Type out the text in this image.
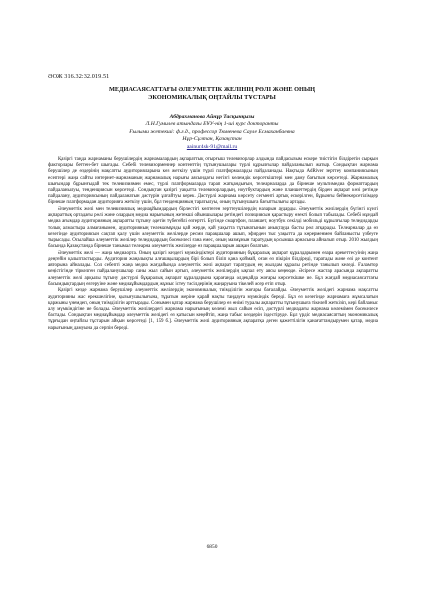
ӘОЖ 316.32:32.019.51
МЕДИАСАЯСАТТАҒЫ ӘЛЕУМЕТТІК ЖЕЛІНІҢ РӨЛІ ЖӘНЕ ОНЫҢ
ЭКОНОМИКАЛЫҚ ОҢТАЙЛЫ ТҰСТАРЫ
Абдрахманова Айнұр Тасқынқызы
Л.Н.Гумилев атындағы ЕҰУ-нің 1-ші курс докторанты
Ғылыми жетекші: ф.ғ.д., профессор Тюменева Сауле Есмаханбаевна
Нұр-Сұлтан, Қазақстан
aainur4sk-91@mail.ru

Қазіргі таңда жарнаманы берушілердің жарнамалардың ақпараттық отырғыш телевизорлар алдында пайдасызым ескере тиістігін білдіретін сырқын факторлары беттен-бет шығады. Себебі телевизорменнер контенттің тұтынушылары түрлі құрылғылар пайдаланылып жатыр. Сондықтан жарнама берушілер де өздерінің мақсатты аудиторияларына көз жеткізу үшін түрлі платформаларды пайдаланады. Нақтыда AdRiver зерттеу компаниясының есептері жаңа сайты интернет-жарнаманың жарнамалық нарығы аясындағы негізгі көлемдік көрсеткіштері мен даму бағытын көрсетеді. Жарнамалық шығындар бұрынғыдай тек телевизиямен емес, түрлі платформаларда тарап жатқандығын, телеарналарда да бірнеше мультимедиа форматтардың пайдаланылуы, тенденциясын көрсетеді. Сондықтан қазіргі уақытта телевизорлардың, ноутбуктардың және планшеттердің бірден ақпарат көзі ретінде пайдалану, аудиториясының пайдаланатын дәстүрін ұлғайтуы керек. Дәстүрлі жарнама көрсету сегменті артық ескерілген, бұрынғы бейнекөрсетілімдер бірнеше платформадан аудиторияға жеткізу үшін, бұл тенденцияның таратылуы, оның тұтынушыға бағыттылығы артады.

Әлеуметтік желі мен телевизиялық медиаұйымдардың бірлестігі көптеген зерттеушілердің назарын аударды. Әлеуметтік желілердің бүгінгі күнгі ақпараттық ортадағы рөлі және олардың медиа нарығының жетекші ойыншылары ретіндегі позициясын қарастыру өзекті болып табылады. Себебі мұндай медиа ағымдар аудиторияның ақпаратты тұтыну әдетін түбегейлі өзгертті. Бүгінде смартфон, планшет, ноутбук секілді мобильді құрылғылар теледидарды толық алмастыра алмағанымен, аудиторияның телемазмұнды қай жерде, қай уақытта тұтынатынын анықтауда басты рөл атқарады. Телеарналар да өз кезегінде аудиториясын сақтап қалу үшін әлеуметтік желілерде ресми парақшалар ашып, эфирден тыс уақытта да көрерменмен байланысты үзбеуге тырысады. Осылайша әлеуметтік желілер теледидардың бәсекелесі ғана емес, оның мазмұнын таратудың қосымша арнасына айналып отыр. 2010 жылдың басында Қазақстанда бірнеше танымал телеарна әлеуметтік желілерде өз парақшаларын ашқан болатын.

Әлеуметтік желі — жаңа медиаорта. Оның қазіргі кездегі мүмкіндіктері аудиторияның бұқаралық ақпарат құралдарымен өзара әрекеттесуінің жаңа деңгейін қалыптастырды. Аудитория жаңалықты алғашқылардың бірі болып біліп қана қоймай, оған өз пікірін білдіреді, таратады және өзі де контент авторына айналады. Сол себепті жаңа медиа жағдайында әлеуметтік желі ақпарат таратудың ең жылдам құралы ретінде танылып келеді. Ғаламтор кеңістігінде тіркелген пайдаланушылар саны жыл сайын артып, әлеуметтік желілердің ықпал ету аясы кеңеюде. Әсіресе жастар арасында ақпаратты әлеуметтік желі арқылы тұтыну дәстүрлі бұқаралық ақпарат құралдарына қарағанда әлдеқайда жоғары көрсеткішке ие. Бұл жағдай медиасаясаттағы басымдықтардың өзгеруіне және медиаұйымдардың жұмыс істеу тәсілдерінің жаңаруына тікелей әсер етіп отыр.

Қазіргі кезде жарнама берушілер әлеуметтік желілердің экономикалық тиімділігін жоғары бағалайды. Әлеуметтік желідегі жарнама мақсатты аудиторияны жас ерекшелігіне, қызығушылығына, тұратын жеріне қарай нақты таңдауға мүмкіндік береді. Бұл өз кезегінде жарнамаға жұмсалатын қаржыны үнемдеп, оның тиімділігін арттырады. Сонымен қатар жарнама берушілер өз өнімі туралы ақпаратты тұтынушыға тікелей жеткізіп, кері байланыс алу мүмкіндігіне ие болады. Әлеуметтік желілердегі жарнама нарығының көлемі жыл сайын өсіп, дәстүрлі медиадағы жарнама көлемімен бәсекелесе бастады. Сондықтан медиаұйымдар әлеуметтік желідегі өз қатысын кеңейтіп, жаңа табыс көздерін іздестіруде. Бұл үрдіс медиасаясаттың экономикалық тұрғыдан оңтайлы тұстарын айқын көрсетеді [1, 159 б.]. Әлеуметтік желі аудиторияның ақпаратқа деген қажеттілігін қанағаттандырумен қатар, медиа нарығының дамуына да серпін береді.

6850
